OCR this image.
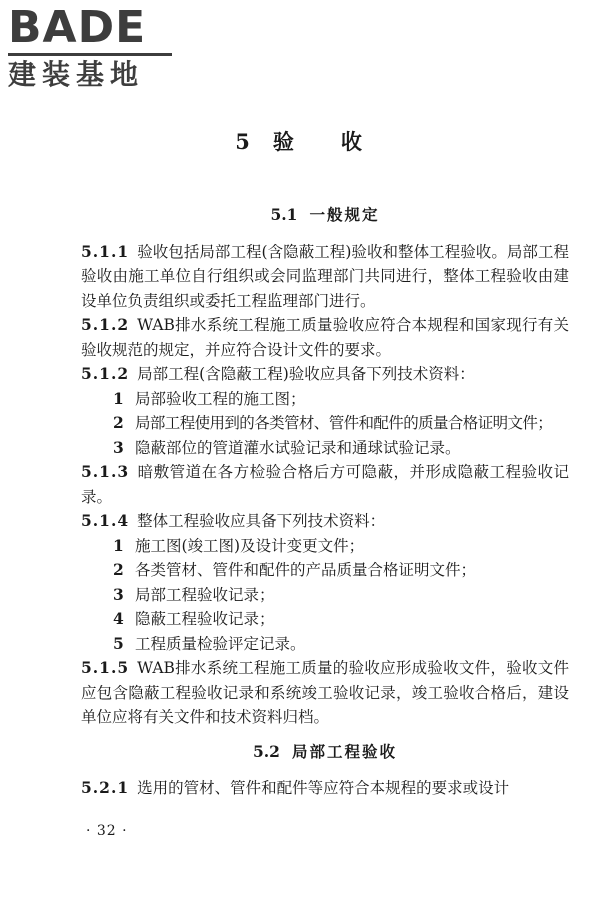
BADE
建装基地
5 验 收
5.1 一般规定

5.1.1 验收包括局部工程(含隐蔽工程)验收和整体工程验收。局部工程验收由施工单位自行组织或会同监理部门共同进行，整体工程验收由建设单位负责组织或委托工程监理部门进行。

5.1.2 WAB排水系统工程施工质量验收应符合本规程和国家现行有关验收规范的规定，并应符合设计文件的要求。

5.1.2 局部工程(含隐蔽工程)验收应具备下列技术资料：

1 局部验收工程的施工图；

2 局部工程使用到的各类管材、管件和配件的质量合格证明文件；

3 隐蔽部位的管道灌水试验记录和通球试验记录。

5.1.3 暗敷管道在各方检验合格后方可隐蔽，并形成隐蔽工程验收记录。

5.1.4 整体工程验收应具备下列技术资料：

1 施工图(竣工图)及设计变更文件；

2 各类管材、管件和配件的产品质量合格证明文件；

3 局部工程验收记录；

4 隐蔽工程验收记录；

5 工程质量检验评定记录。

5.1.5 WAB排水系统工程施工质量的验收应形成验收文件，验收文件应包含隐蔽工程验收记录和系统竣工验收记录，竣工验收合格后，建设单位应将有关文件和技术资料归档。

5.2 局部工程验收

5.2.1 选用的管材、管件和配件等应符合本规程的要求或设计

· 32 ·
